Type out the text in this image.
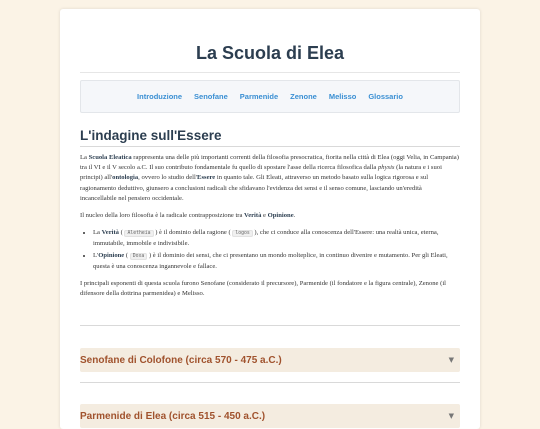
La Scuola di Elea
Introduzione Senofane Parmenide Zenone Melisso Glossario
L'indagine sull'Essere

La Scuola Eleatica rappresenta una delle più importanti correnti della filosofia presocratica, fiorita nella città di Elea (oggi Velia, in Campania) tra il VI e il V secolo a.C. Il suo contributo fondamentale fu quello di spostare l'asse della ricerca filosofica dalla physis (la natura e i suoi principi) all'ontologia, ovvero lo studio dell'Essere in quanto tale. Gli Eleati, attraverso un metodo basato sulla logica rigorosa e sul ragionamento deduttivo, giunsero a conclusioni radicali che sfidavano l'evidenza dei sensi e il senso comune, lasciando un'eredità incancellabile nel pensiero occidentale.

Il nucleo della loro filosofia è la radicale contrapposizione tra Verità e Opinione.

• La Verità ( Aletheia ) è il dominio della ragione ( logos ), che ci conduce alla conoscenza dell'Essere: una realtà unica, eterna, immutabile, immobile e indivisibile.
• L'Opinione ( Doxa ) è il dominio dei sensi, che ci presentano un mondo molteplice, in continuo divenire e mutamento. Per gli Eleati, questa è una conoscenza ingannevole e fallace.

I principali esponenti di questa scuola furono Senofane (considerato il precursore), Parmenide (il fondatore e la figura centrale), Zenone (il difensore della dottrina parmenidea) e Melisso.

Senofane di Colofone (circa 570 - 475 a.C.)	▼
Parmenide di Elea (circa 515 - 450 a.C.)	▼
